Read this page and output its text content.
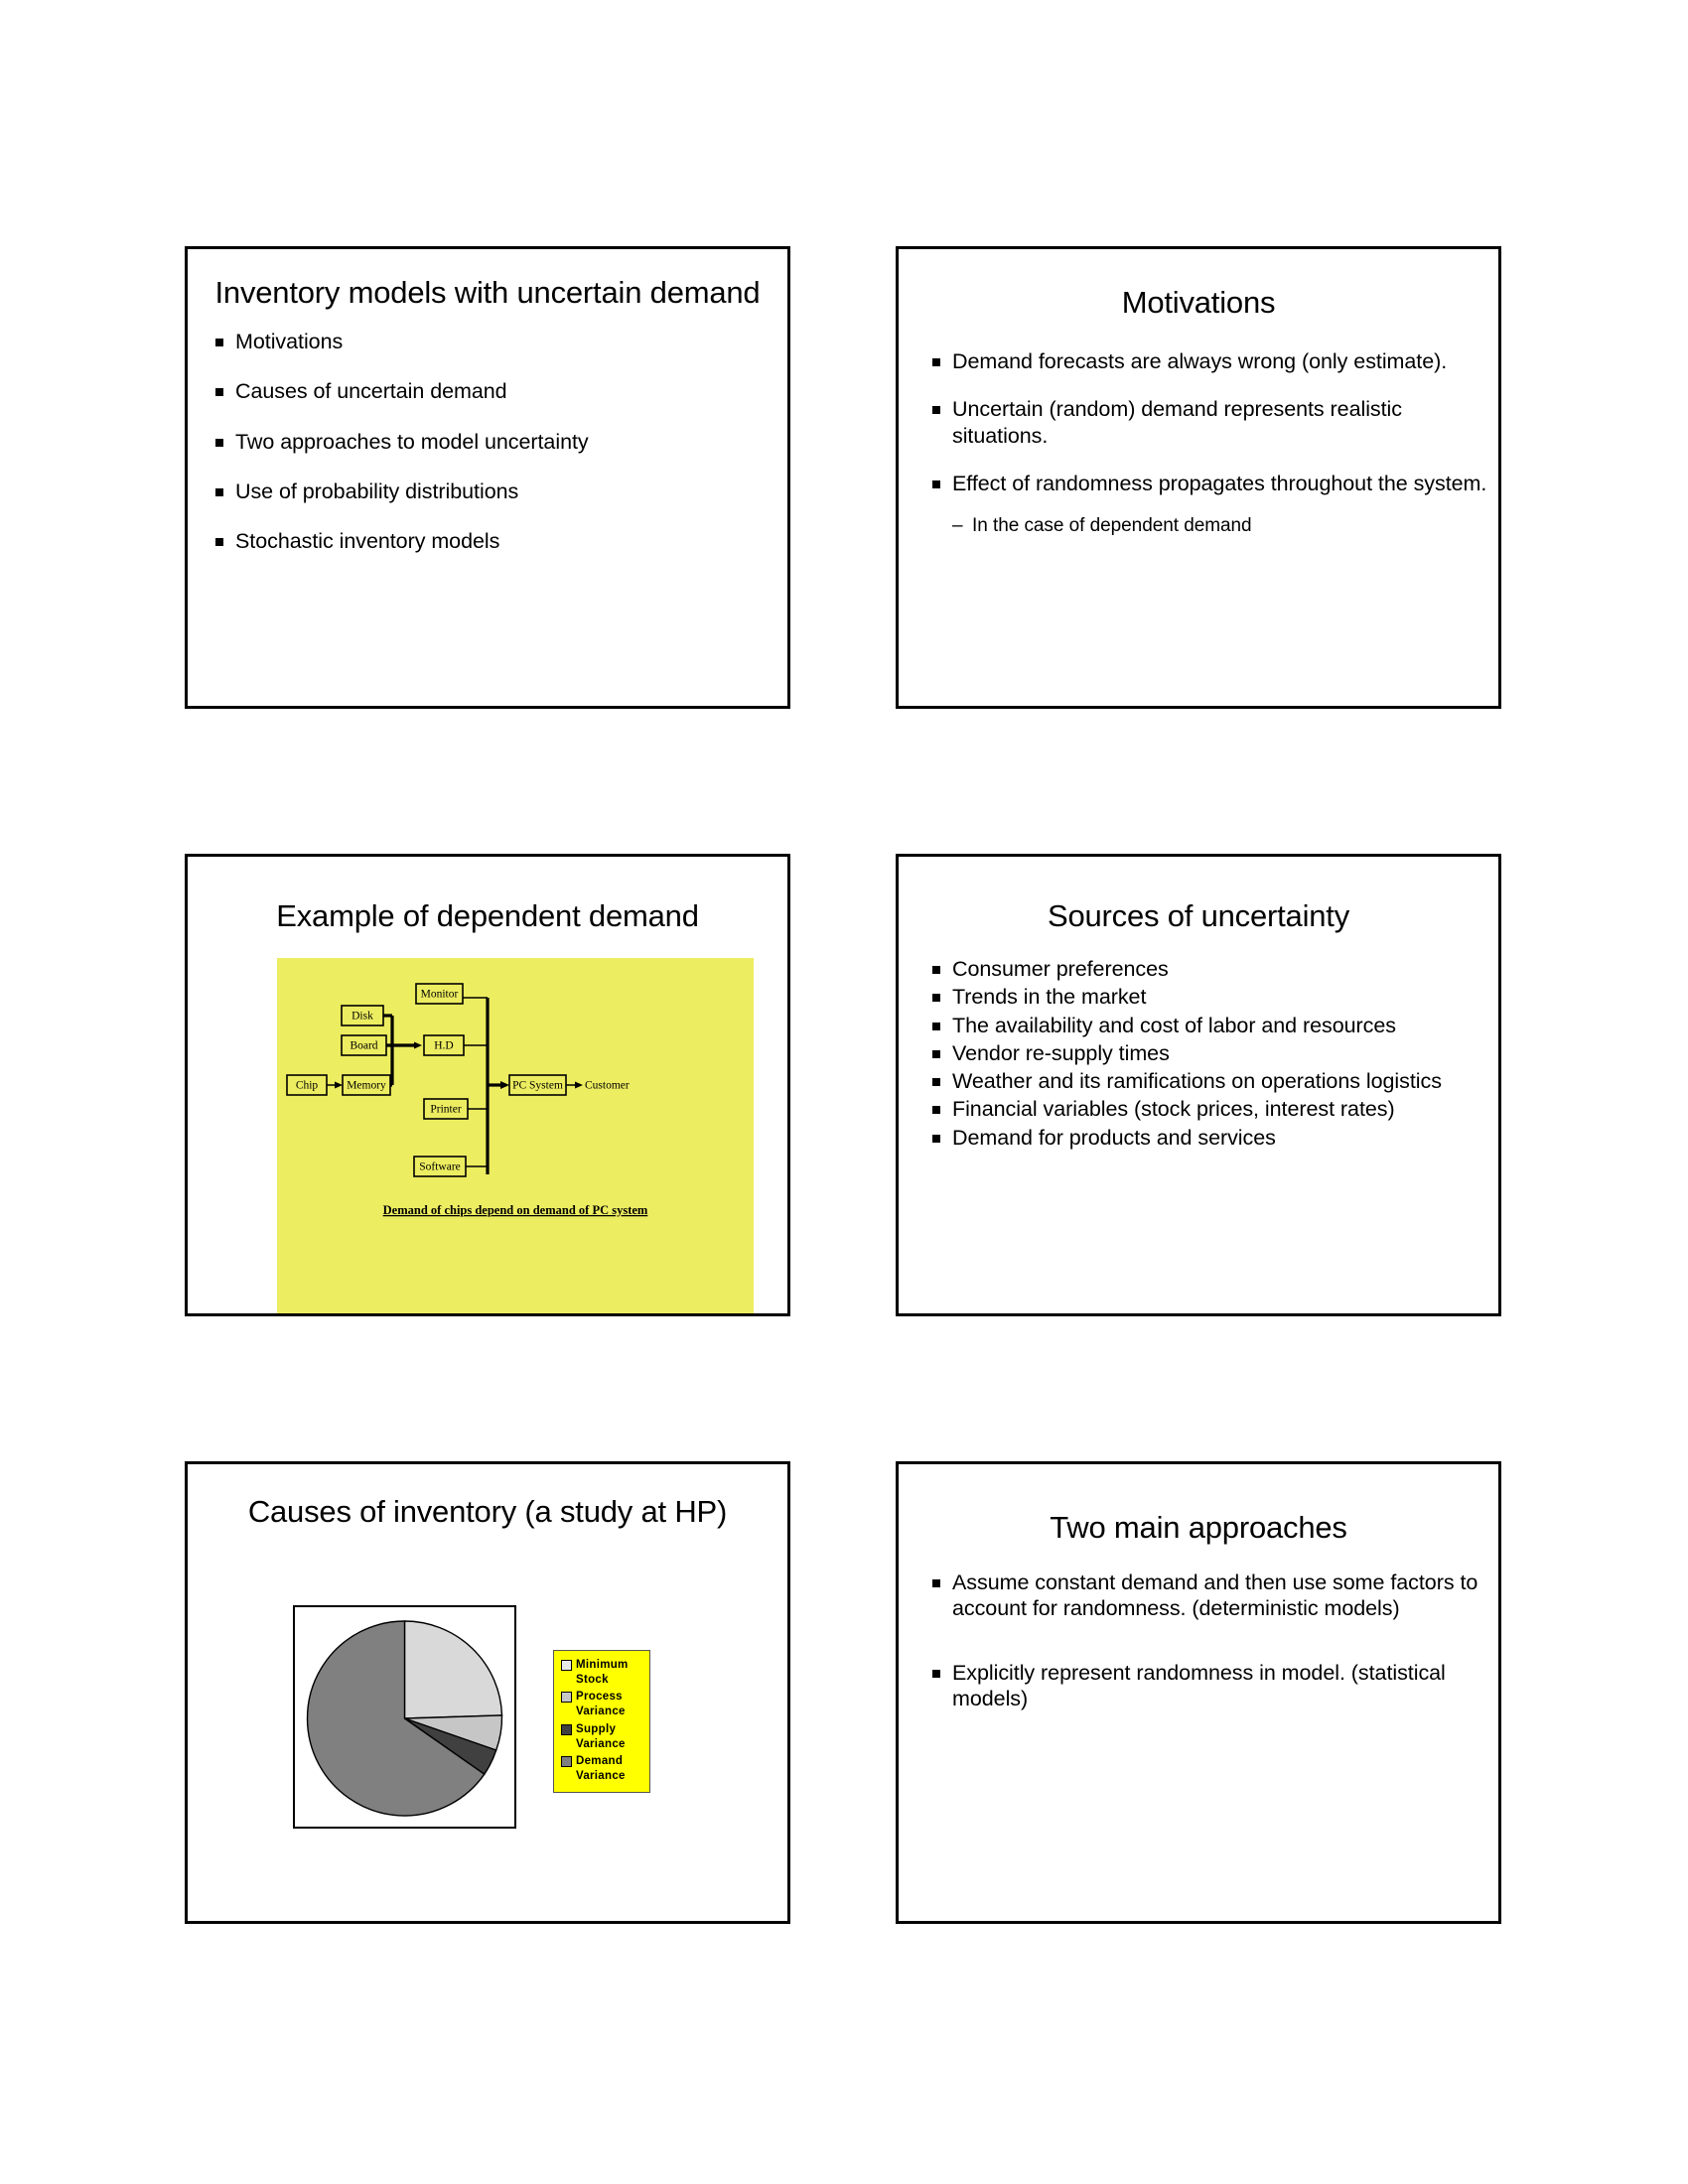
Inventory models with uncertain demand
Motivations
Causes of uncertain demand
Two approaches to model uncertainty
Use of probability distributions
Stochastic inventory models
Motivations
Demand forecasts are always wrong (only estimate).
Uncertain (random) demand represents realistic situations.
Effect of randomness propagates throughout the system.
– In the case of dependent demand
Example of dependent demand
Monitor
Disk
Board	H.D
Chip	Memory
Printer
Software
PC System Customer
Demand of chips depend on demand of PC system
Sources of uncertainty
Consumer preferences
Trends in the market
The availability and cost of labor and resources
Vendor re-supply times
Weather and its ramifications on operations logistics
Financial variables (stock prices, interest rates)
Demand for products and services
Causes of inventory (a study at HP)
Minimum Stock
Process Variance
Supply Variance
Demand Variance
Two main approaches
Assume constant demand and then use some factors to account for randomness. (deterministic models)
Explicitly represent randomness in model. (statistical models)
